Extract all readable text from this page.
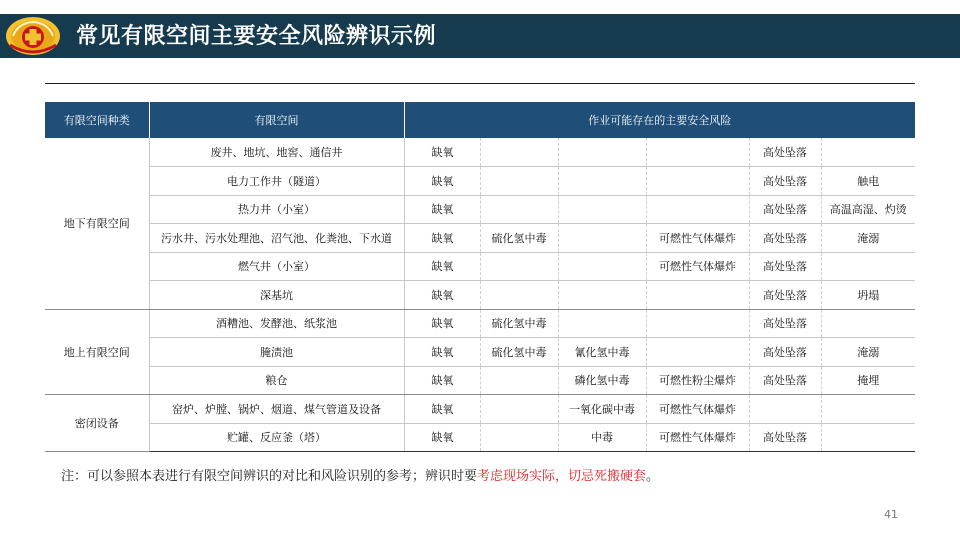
常见有限空间主要安全风险辨识示例
有限空间种类	有限空间	作业可能存在的主要安全风险					
地下有限空间	废井、地坑、地窖、通信井	缺氧				高处坠落	
	电力工作井（隧道）	缺氧				高处坠落	触电
	热力井（小室）	缺氧				高处坠落	高温高湿、灼烫
	污水井、污水处理池、沼气池、化粪池、下水道	缺氧	硫化氢中毒		可燃性气体爆炸	高处坠落	淹溺
	燃气井（小室）	缺氧			可燃性气体爆炸	高处坠落	
	深基坑	缺氧				高处坠落	坍塌
地上有限空间	酒糟池、发酵池、纸浆池	缺氧	硫化氢中毒			高处坠落	
	腌渍池	缺氧	硫化氢中毒	氰化氢中毒		高处坠落	淹溺
	粮仓	缺氧		磷化氢中毒	可燃性粉尘爆炸	高处坠落	掩埋
密闭设备	窑炉、炉膛、锅炉、烟道、煤气管道及设备	缺氧		一氧化碳中毒	可燃性气体爆炸		
	贮罐、反应釜（塔）	缺氧		中毒	可燃性气体爆炸	高处坠落	
注：可以参照本表进行有限空间辨识的对比和风险识别的参考；辨识时要考虑现场实际，切忌死搬硬套。
41
